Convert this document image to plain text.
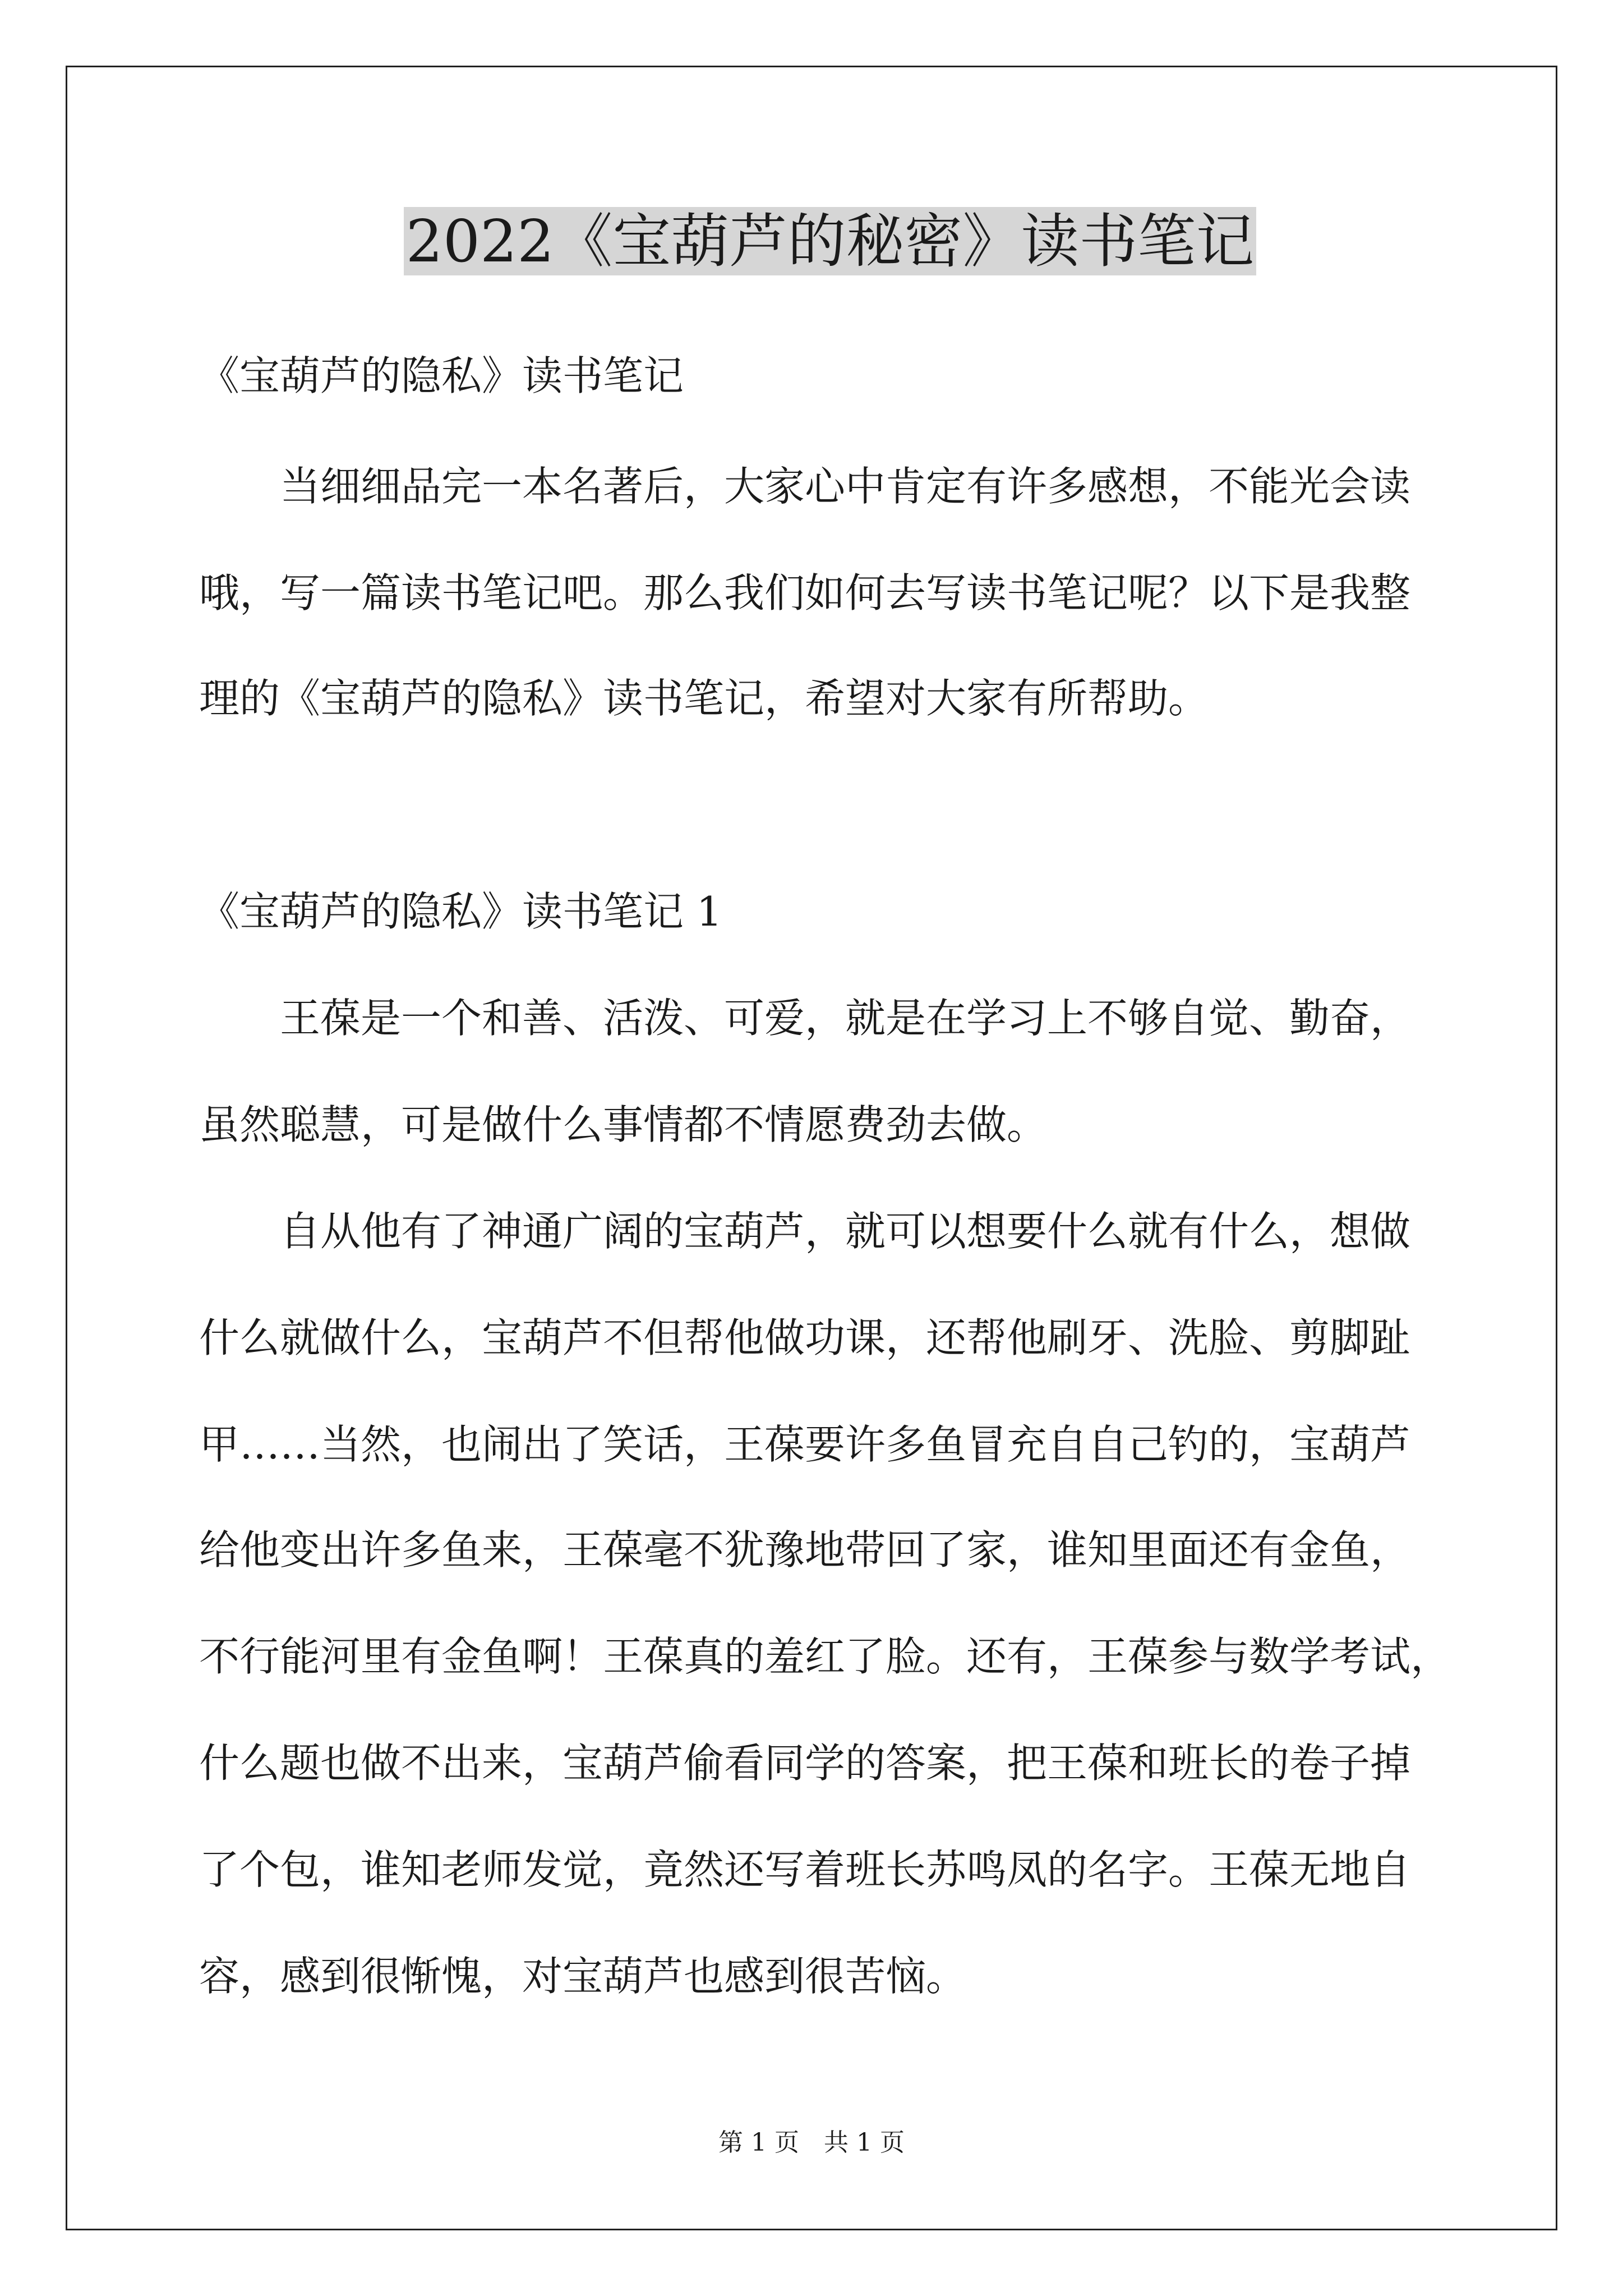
2022《宝葫芦的秘密》读书笔记

《宝葫芦的隐私》读书笔记

当细细品完一本名著后，大家心中肯定有许多感想，不能光会读

哦，写一篇读书笔记吧。那么我们如何去写读书笔记呢？以下是我整

理的《宝葫芦的隐私》读书笔记，希望对大家有所帮助。

《宝葫芦的隐私》读书笔记 1

王葆是一个和善、活泼、可爱，就是在学习上不够自觉、勤奋，

虽然聪慧，可是做什么事情都不情愿费劲去做。

自从他有了神通广阔的宝葫芦，就可以想要什么就有什么，想做

什么就做什么，宝葫芦不但帮他做功课，还帮他刷牙、洗脸、剪脚趾

甲……当然，也闹出了笑话，王葆要许多鱼冒充自自己钓的，宝葫芦

给他变出许多鱼来，王葆毫不犹豫地带回了家，谁知里面还有金鱼，

不行能河里有金鱼啊！王葆真的羞红了脸。还有，王葆参与数学考试，

什么题也做不出来，宝葫芦偷看同学的答案，把王葆和班长的卷子掉

了个包，谁知老师发觉，竟然还写着班长苏鸣凤的名字。王葆无地自

容，感到很惭愧，对宝葫芦也感到很苦恼。

第 1 页　共 1 页
